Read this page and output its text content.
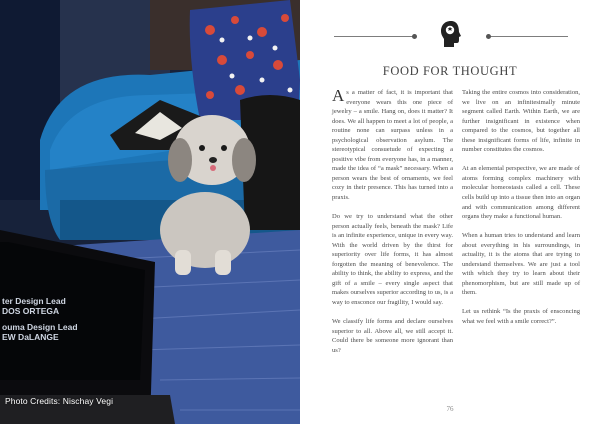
ter Design Lead
DOS ORTEGA
ouma Design Lead
EW DaLANGE
Photo Credits: Nischay Vegi
FOOD FOR THOUGHT

As a matter of fact, it is important that everyone wears this one piece of jewelry – a smile. Hang on, does it matter? It does. We all happen to meet a lot of people, a routine none can surpass unless in a psychological observation asylum. The stereotypical consuetude of expecting a positive vibe from everyone has, in a manner, made the idea of “a mask” necessary. When a person wears the best of ornaments, we feel cozy in their presence. This has turned into a praxis.

Do we try to understand what the other person actually feels, beneath the mask? Life is an infinite experience, unique in every way. With the world driven by the thirst for superiority over life forms, it has almost forgotten the meaning of benevolence. The ability to think, the ability to express, and the gift of a smile – every single aspect that makes ourselves superior according to us, is a way to ensconce our fragility, I would say.

We classify life forms and declare ourselves superior to all. Above all, we still accept it. Could there be someone more ignorant than us?

Taking the entire cosmos into consideration, we live on an infinitesimally minute segment called Earth. Within Earth, we are further insignificant in existence when compared to the cosmos, but together all these insignificant forms of life, infinite in number constitutes the cosmos.

At an elemental perspective, we are made of atoms forming complex machinery with molecular homeostasis called a cell. These cells build up into a tissue then into an organ and with communication among different organs they make a functional human.

When a human tries to understand and learn about everything in his surroundings, in actuality, it is the atoms that are trying to understand themselves. We are just a tool with which they try to learn about their phenomorphism, but are still made up of them.

Let us rethink “Is the praxis of ensconcing what we feel with a smile correct?”.

76
